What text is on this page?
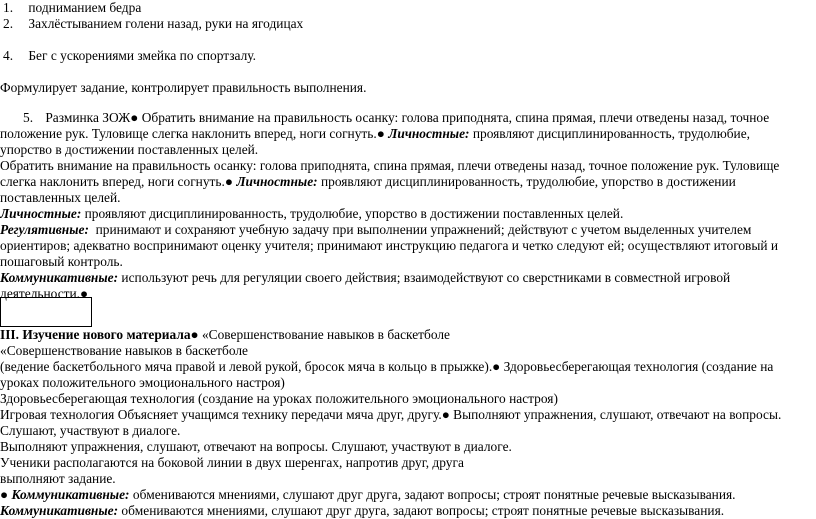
1. подниманием бедра
2. Захлёстыванием голени назад, руки на ягодицах
4. Бег с ускорениями змейка по спортзалу.
Формулирует задание, контролирует правильность выполнения.
5. Разминка ЗОЖ● Обратить внимание на правильность осанку: голова приподнята, спина прямая, плечи отведены назад, точное
положение рук. Туловище слегка наклонить вперед, ноги согнуть.● Личностные: проявляют дисциплинированность, трудолюбие,
упорство в достижении поставленных целей.
Обратить внимание на правильность осанку: голова приподнята, спина прямая, плечи отведены назад, точное положение рук. Туловище
слегка наклонить вперед, ноги согнуть.● Личностные: проявляют дисциплинированность, трудолюбие, упорство в достижении
поставленных целей.
Личностные: проявляют дисциплинированность, трудолюбие, упорство в достижении поставленных целей.
Регулятивные:  принимают и сохраняют учебную задачу при выполнении упражнений; действуют с учетом выделенных учителем
ориентиров; адекватно воспринимают оценку учителя; принимают инструкцию педагога и четко следуют ей; осуществляют итоговый и
пошаговый контроль.
Коммуникативные: используют речь для регуляции своего действия; взаимодействуют со сверстниками в совместной игровой
деятельности.●
III. Изучение нового материала● «Совершенствование навыков в баскетболе
«Совершенствование навыков в баскетболе
(ведение баскетбольного мяча правой и левой рукой, бросок мяча в кольцо в прыжке).● Здоровьесберегающая технология (создание на
уроках положительного эмоционального настроя)
Здоровьесберегающая технология (создание на уроках положительного эмоционального настроя)
Игровая технология Объясняет учащимся технику передачи мяча друг, другу.● Выполняют упражнения, слушают, отвечают на вопросы.
Слушают, участвуют в диалоге.
Выполняют упражнения, слушают, отвечают на вопросы. Слушают, участвуют в диалоге.
Ученики располагаются на боковой линии в двух шеренгах, напротив друг, друга
выполняют задание.
● Коммуникативные: обмениваются мнениями, слушают друг друга, задают вопросы; строят понятные речевые высказывания.
Коммуникативные: обмениваются мнениями, слушают друг друга, задают вопросы; строят понятные речевые высказывания.
